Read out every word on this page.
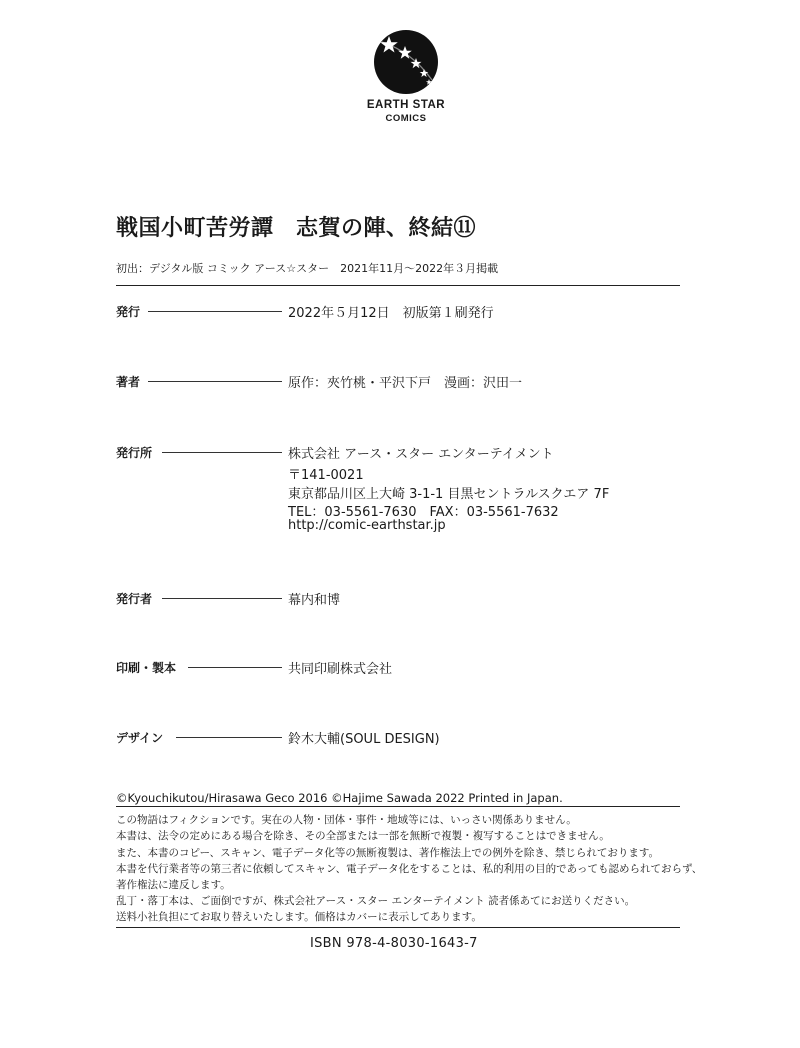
EARTH STAR
COMICS
戦国小町苦労譚　志賀の陣、終結⑪
初出：デジタル版 コミック アース☆スター　2021年11月～2022年３月掲載
発行	2022年５月12日　初版第１刷発行
著者	原作：夾竹桃・平沢下戸　漫画：沢田一
発行所	株式会社 アース・スター エンターテイメント
〒141-0021
東京都品川区上大崎 3-1-1 目黒セントラルスクエア 7F
TEL：03-5561-7630　FAX：03-5561-7632
http://comic-earthstar.jp
発行者	幕内和博
印刷・製本	共同印刷株式会社
デザイン	鈴木大輔(SOUL DESIGN)
©Kyouchikutou/Hirasawa Geco 2016 ©Hajime Sawada 2022 Printed in Japan.
この物語はフィクションです。実在の人物・団体・事件・地域等には、いっさい関係ありません。
本書は、法令の定めにある場合を除き、その全部または一部を無断で複製・複写することはできません。
また、本書のコピー、スキャン、電子データ化等の無断複製は、著作権法上での例外を除き、禁じられております。
本書を代行業者等の第三者に依頼してスキャン、電子データ化をすることは、私的利用の目的であっても認められておらず、
著作権法に違反します。
乱丁・落丁本は、ご面倒ですが、株式会社アース・スター エンターテイメント 読者係あてにお送りください。
送料小社負担にてお取り替えいたします。価格はカバーに表示してあります。
ISBN 978-4-8030-1643-7
